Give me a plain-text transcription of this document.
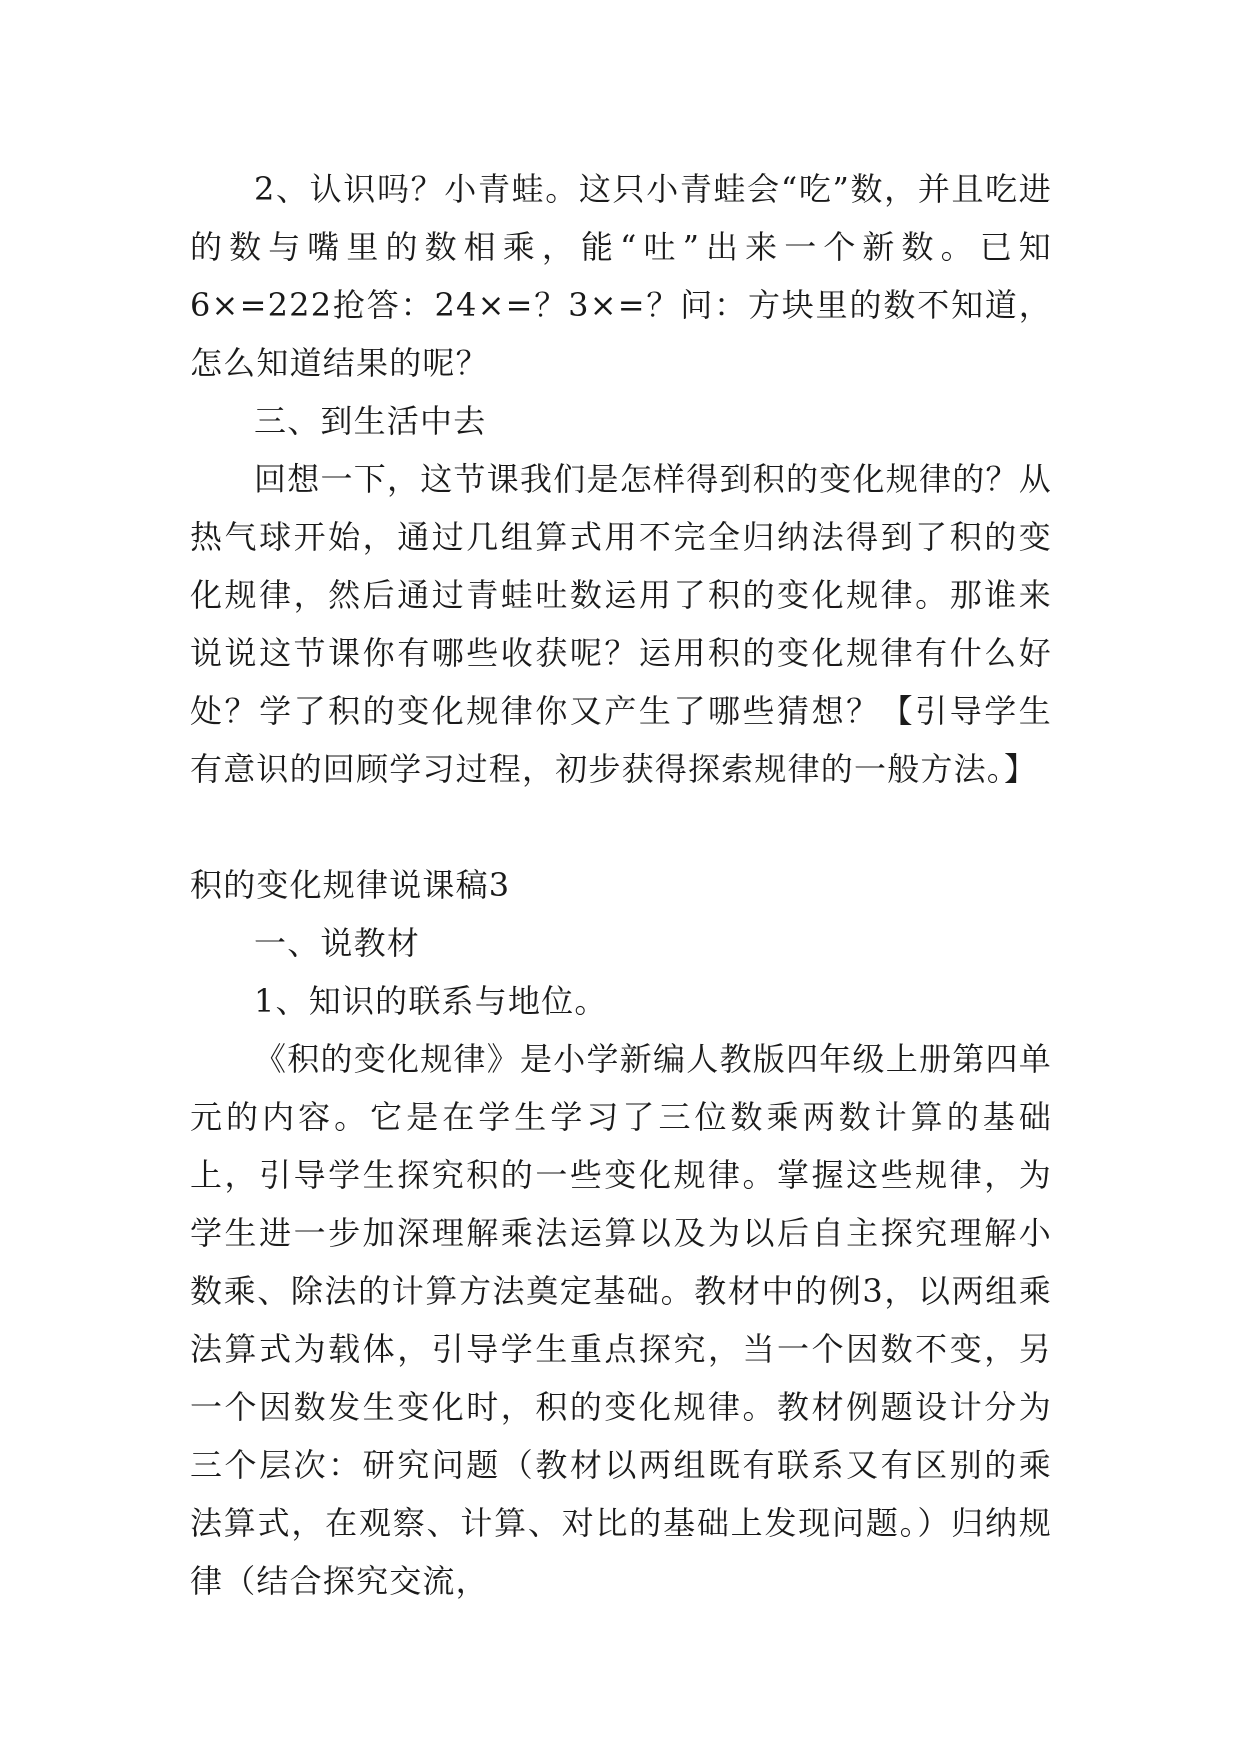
2、认识吗？小青蛙。这只小青蛙会“吃”数，并且吃进的数与嘴里的数相乘，能“吐”出来一个新数。已知6×=222抢答：24×=？3×=？问：方块里的数不知道，怎么知道结果的呢？

三、到生活中去

回想一下，这节课我们是怎样得到积的变化规律的？从热气球开始，通过几组算式用不完全归纳法得到了积的变化规律，然后通过青蛙吐数运用了积的变化规律。那谁来说说这节课你有哪些收获呢？运用积的变化规律有什么好处？学了积的变化规律你又产生了哪些猜想？【引导学生有意识的回顾学习过程，初步获得探索规律的一般方法。】

积的变化规律说课稿3

一、说教材

1、知识的联系与地位。

《积的变化规律》是小学新编人教版四年级上册第四单元的内容。它是在学生学习了三位数乘两数计算的基础上，引导学生探究积的一些变化规律。掌握这些规律，为学生进一步加深理解乘法运算以及为以后自主探究理解小数乘、除法的计算方法奠定基础。教材中的例3，以两组乘法算式为载体，引导学生重点探究，当一个因数不变，另一个因数发生变化时，积的变化规律。教材例题设计分为三个层次：研究问题（教材以两组既有联系又有区别的乘法算式，在观察、计算、对比的基础上发现问题。）归纳规律（结合探究交流，
